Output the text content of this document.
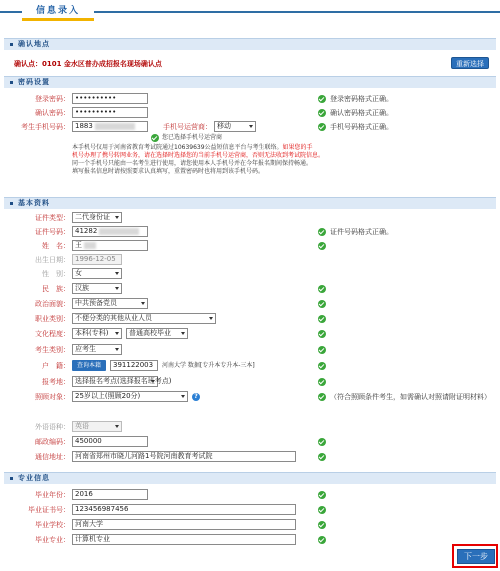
信息录入
确认地点
确认点：0101 金水区普办成招报名现场确认点	重新选择
密码设置
登录密码： ••••••••••	登录密码格式正确。
确认密码： ••••••••••	确认密码格式正确。
考生手机号码： 1883	手机号运营商： 移动	手机号码格式正确。
您已选择手机号运营商
本手机号仅用于河南省教育考试院通过10639639公益短信息平台与考生联络。如果您的手
机号办理了携号转网业务，请在选择时选择您的当前手机号运营商，否则无法收到考试院信息。
同一个手机号只能由一名考生进行使用，请您使用本人手机号并在今年报名期间保持畅通。
填写报名信息时请按照要求认真填写，重置密码时也将用到该手机号码。
基本资料
证件类型： 二代身份证
证件号码： 41282	证件号码格式正确。
姓　名： 王
出生日期： 1996-12-05
性　别： 女
民　族： 汉族
政治面貌： 中共预备党员
职业类别： 不便分类的其他从业人员
文化程度： 本科(专科)	普通高校毕业
考生类别： 应考生
户　籍：	查询本籍	391122003	河南大学 数据[专升本专升本-三本]
报考地： 选择报名考点(选择报名班考点)
照顾对象： 25岁以上(照顾20分)	?	（符合照顾条件考生，如需确认对照请附证明材料）
外语语种： 英语
邮政编码： 450000
通信地址： 河南省郑州市晓儿河路1号院河南教育考试院
专业信息
毕业年份： 2016
毕业证书号： 123456987456
毕业学校： 河南大学
毕业专业： 计算机专业
下一步
